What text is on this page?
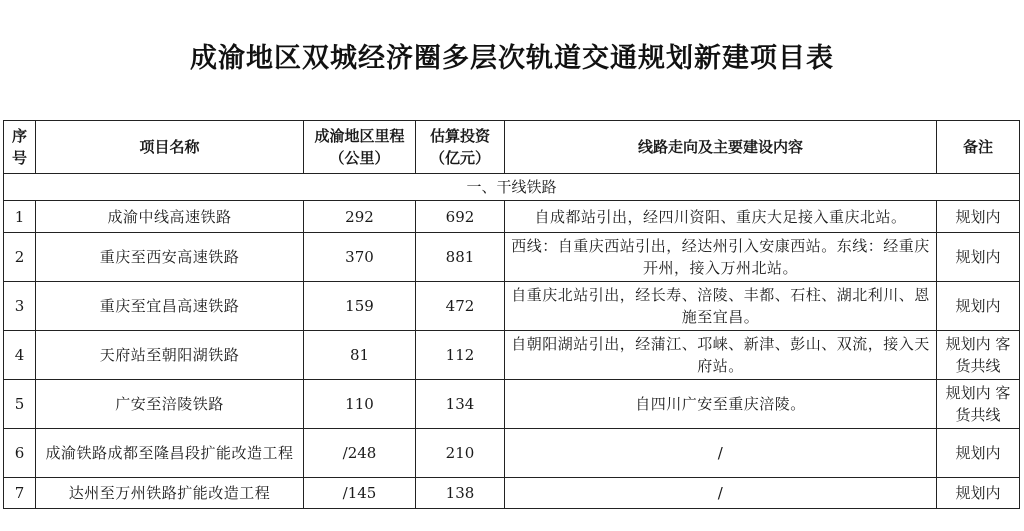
成渝地区双城经济圈多层次轨道交通规划新建项目表
序号	项目名称	成渝地区里程（公里）	估算投资（亿元）	线路走向及主要建设内容	备注
一、干线铁路					
1	成渝中线高速铁路	292	692	自成都站引出，经四川资阳、重庆大足接入重庆北站。	规划内
2	重庆至西安高速铁路	370	881	西线：自重庆西站引出，经达州引入安康西站。东线：经重庆开州，接入万州北站。	规划内
3	重庆至宜昌高速铁路	159	472	自重庆北站引出，经长寿、涪陵、丰都、石柱、湖北利川、恩施至宜昌。	规划内
4	天府站至朝阳湖铁路	81	112	自朝阳湖站引出，经蒲江、邛崃、新津、彭山、双流，接入天府站。	规划内 客货共线
5	广安至涪陵铁路	110	134	自四川广安至重庆涪陵。	规划内 客货共线
6	成渝铁路成都至隆昌段扩能改造工程	/248	210	/	规划内
7	达州至万州铁路扩能改造工程	/145	138	/	规划内
